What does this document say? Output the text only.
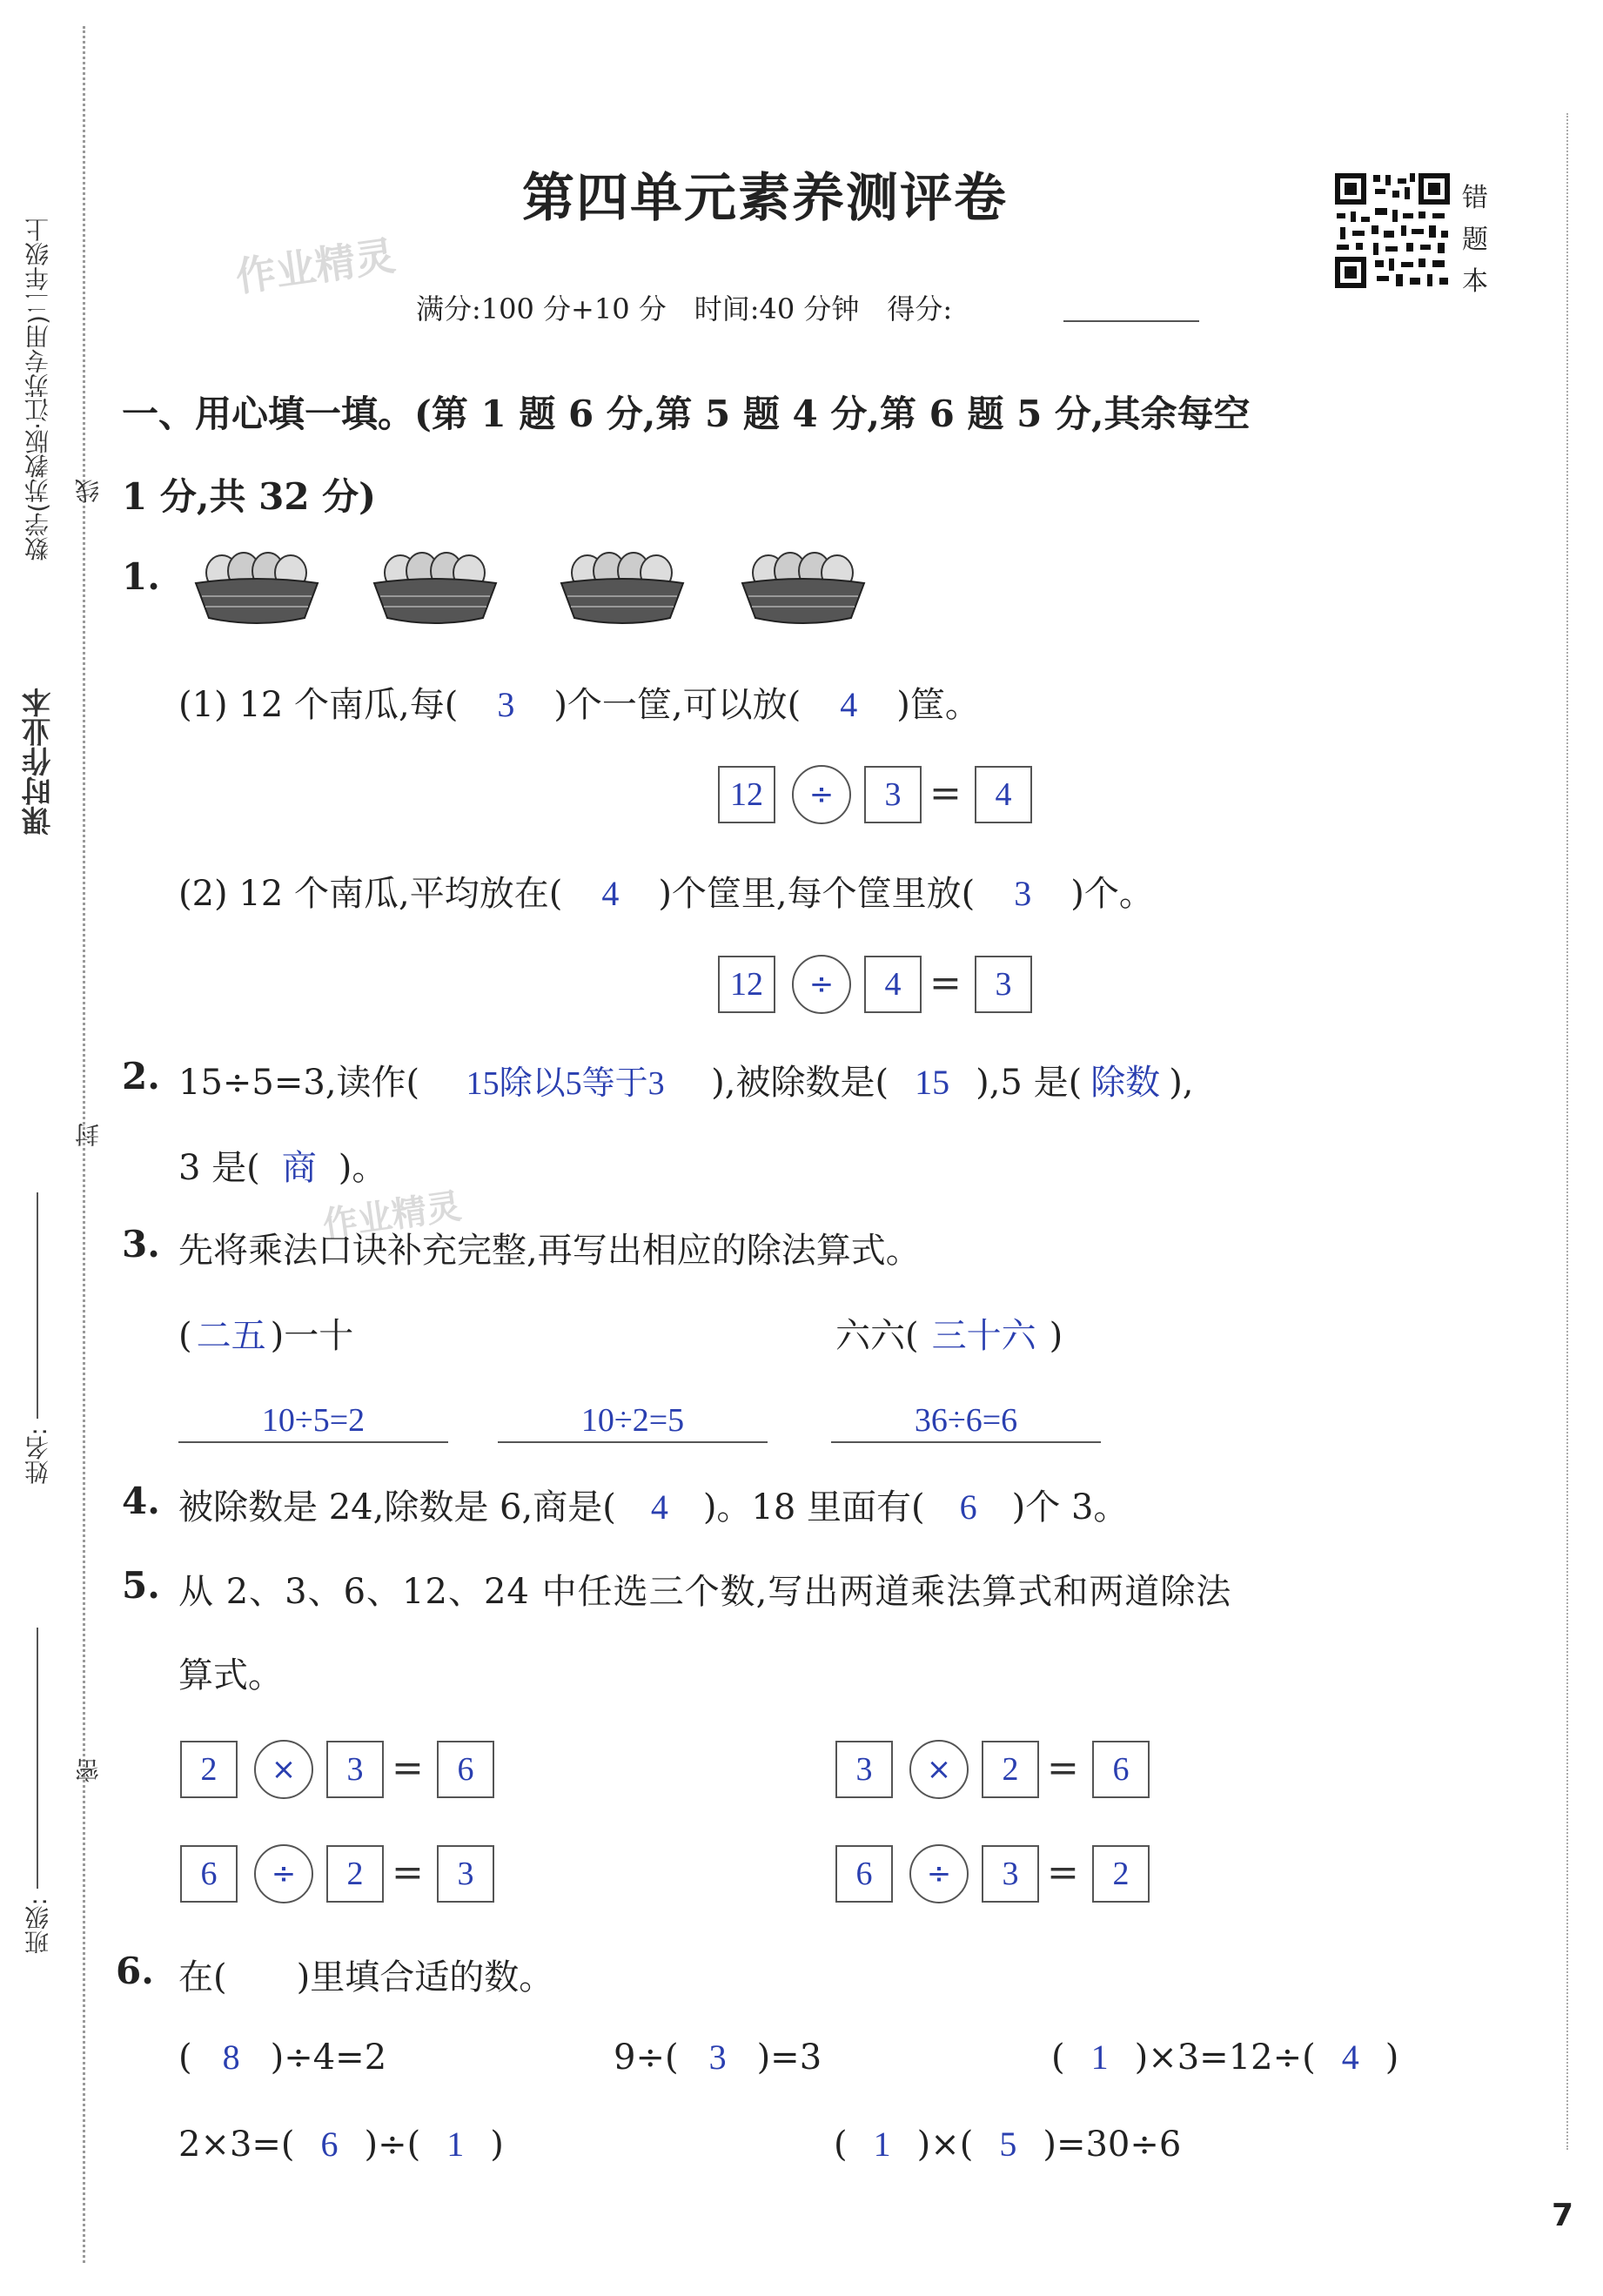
课时作业本
数学(苏教版·江苏专用)二年级上
班级:
姓名:
线
封
密
第四单元素养测评卷	错
题
本
作业精灵
作业精灵
满分:100 分+10 分　时间:40 分钟　得分:
一、用心填一填。(第 1 题 6 分,第 5 题 4 分,第 6 题 5 分,其余每空
1 分,共 32 分)
1.
(1) 12 个南瓜,每( 3 )个一筐,可以放( 4 )筐。
12	÷	3 =	4
(2) 12 个南瓜,平均放在( 4 )个筐里,每个筐里放( 3 )个。
12	÷	4 =	3
2. 15÷5=3,读作( 15除以5等于3 ),被除数是( 15 ),5 是( 除数 ),
3 是( 商 )。
3. 先将乘法口诀补充完整,再写出相应的除法算式。
( 二五 )一十	六六( 三十六 )
10÷5=2	10÷2=5	36÷6=6
4. 被除数是 24,除数是 6,商是( 4 )。18 里面有( 6 )个 3。
5. 从 2、3、6、12、24 中任选三个数,写出两道乘法算式和两道除法
算式。
2	×	3 =	6	3	×	2 =	6
6	÷	2 =	3	6	÷	3 =	2
6. 在(　　)里填合适的数。
( 8 )÷4=2	9÷( 3 )=3	( 1 )×3=12÷( 4 )
2×3=( 6 )÷( 1 )	( 1 )×( 5 )=30÷6
7
